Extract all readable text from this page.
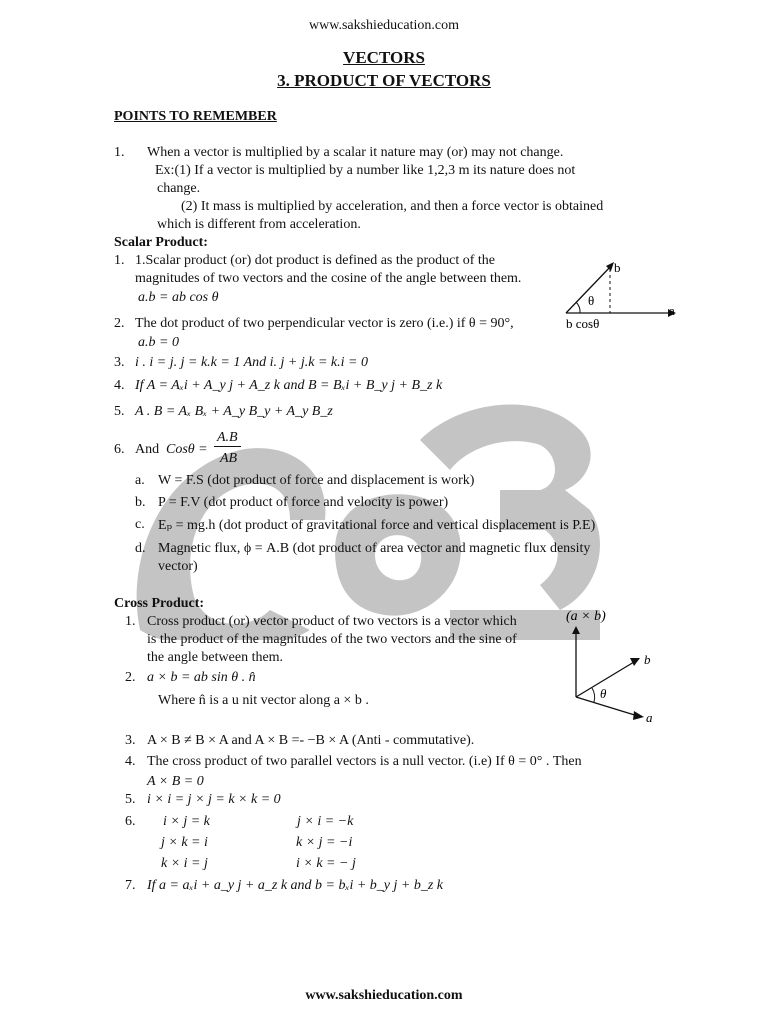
www.sakshieducation.com
VECTORS
3. PRODUCT OF VECTORS
POINTS TO REMEMBER
1. When a vector is multiplied by a scalar it nature may (or) may not change.
Ex:(1) If a vector is multiplied by a number like 1,2,3 m its nature does not
change.
(2) It mass is multiplied by acceleration, and then a force vector is obtained
which is different from acceleration.
Scalar Product:
1. 1.Scalar product (or) dot product is defined as the product of the
magnitudes of two vectors and the cosine of the angle between them.
a.b = ab cos θ
b
θ
a
b cosθ
2. The dot product of two perpendicular vector is zero (i.e.) if θ = 90°,
a.b = 0
3. i . i = j. j = k.k = 1 And i. j + j.k = k.i = 0
4. If A = Aₓi + A_y j + A_z k and B = Bₓi + B_y j + B_z k
5. A . B = Aₓ Bₓ + A_y B_y + A_y B_z
6. And Cosθ =
A.B
AB
a. W = F.S (dot product of force and displacement is work)
b. P = F.V (dot product of force and velocity is power)
c. Eₚ = mg.h (dot product of gravitational force and vertical displacement is P.E)
d. Magnetic flux, ϕ = A.B (dot product of area vector and magnetic flux density
vector)
Cross Product:
1. Cross product (or) vector product of two vectors is a vector which
is the product of the magnitudes of the two vectors and the sine of
the angle between them.
2. a × b = ab sin θ . n̂
Where n̂ is a u nit vector along a × b .
(a × b)
b
θ
a
3. A × B ≠ B × A and A × B =- −B × A (Anti - commutative).
4. The cross product of two parallel vectors is a null vector. (i.e) If θ = 0° . Then
A × B = 0
5. i × i = j × j = k × k = 0
6. i × j = k	j × i = −k
j × k = i	k × j = −i
k × i = j	i × k = − j
7. If a = aₓi + a_y j + a_z k and b = bₓi + b_y j + b_z k
www.sakshieducation.com
